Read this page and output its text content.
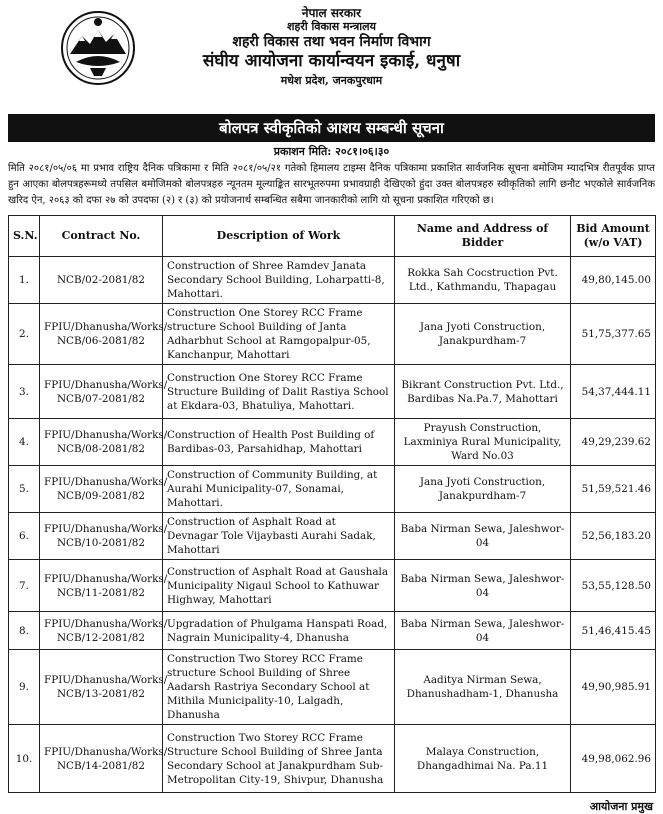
नेपाल सरकार
शहरी विकास मन्त्रालय
शहरी विकास तथा भवन निर्माण विभाग
संघीय आयोजना कार्यान्वयन इकाई, धनुषा
मधेश प्रदेश, जनकपुरधाम
बोलपत्र स्वीकृतिको आशय सम्बन्धी सूचना
प्रकाशन मिति: २०८१।०६।३०

मिति २०८१/०५/०६ मा प्रभाव राष्ट्रिय दैनिक पत्रिकामा र मिति २०८१/०५/२१ गतेको हिमालय टाइम्स दैनिक पत्रिकामा प्रकाशित सार्वजनिक सूचना बमोजिम म्यादभित्र रीतपूर्वक प्राप्त हुन आएका बोलपत्रहरूमध्ये तपसिल बमोजिमको बोलपत्रहरु न्यूनतम मूल्याङ्कित सारभूतरुपमा प्रभावग्राही देखिएको हुंदा उक्त बोलपत्रहरु स्वीकृतिको लागि छनौट भएकोले सार्वजनिक खरिद ऐन, २०६३ को दफा २७ को उपदफा (२) र (३) को प्रयोजनार्थ सम्बन्धित सबैमा जानकारीको लागि यो सूचना प्रकाशित गरिएको छ।

S.N.	Contract No.	Description of Work	Name and Address of Bidder	Bid Amount (w/o VAT)
1.	NCB/02-2081/82	Construction of Shree Ramdev Janata Secondary School Building, Loharpatti-8, Mahottari.	Rokka Sah Cocstruction Pvt. Ltd., Kathmandu, Thapagau	49,80,145.00
2.	FPIU/Dhanusha/Works/ NCB/06-2081/82	Construction One Storey RCC Frame structure School Building of Janta Adharbhut School at Ramgopalpur-05, Kanchanpur, Mahottari	Jana Jyoti Construction, Janakpurdham-7	51,75,377.65
3.	FPIU/Dhanusha/Works/ NCB/07-2081/82	Construction One Storey RCC Frame Structure Building of Dalit Rastiya School at Ekdara-03, Bhatuliya, Mahottari.	Bikrant Construction Pvt. Ltd., Bardibas Na.Pa.7, Mahottari	54,37,444.11
4.	FPIU/Dhanusha/Works/ NCB/08-2081/82	Construction of Health Post Building of Bardibas-03, Parsahidhap, Mahottari	Prayush Construction, Laxminiya Rural Municipality, Ward No.03	49,29,239.62
5.	FPIU/Dhanusha/Works/ NCB/09-2081/82	Construction of Community Building, at Aurahi Municipality-07, Sonamai, Mahottari.	Jana Jyoti Construction, Janakpurdham-7	51,59,521.46
6.	FPIU/Dhanusha/Works/ NCB/10-2081/82	Construction of Asphalt Road at Devnagar Tole Vijaybasti Aurahi Sadak, Mahottari	Baba Nirman Sewa, Jaleshwor-04	52,56,183.20
7.	FPIU/Dhanusha/Works/ NCB/11-2081/82	Construction of Asphalt Road at Gaushala Municipality Nigaul School to Kathuwar Highway, Mahottari	Baba Nirman Sewa, Jaleshwor-04	53,55,128.50
8.	FPIU/Dhanusha/Works/ NCB/12-2081/82	Upgradation of Phulgama Hanspati Road, Nagrain Municipality-4, Dhanusha	Baba Nirman Sewa, Jaleshwor-04	51,46,415.45
9.	FPIU/Dhanusha/Works/ NCB/13-2081/82	Construction Two Storey RCC Frame structure School Building of Shree Aadarsh Rastriya Secondary School at Mithila Municipality-10, Lalgadh, Dhanusha	Aaditya Nirman Sewa, Dhanushadham-1, Dhanusha	49,90,985.91
10.	FPIU/Dhanusha/Works/ NCB/14-2081/82	Construction Two Storey RCC Frame Structure School Building of Shree Janta Secondary School at Janakpurdham Sub-Metropolitan City-19, Shivpur, Dhanusha	Malaya Construction, Dhangadhimai Na. Pa.11	49,98,062.96
आयोजना प्रमुख
